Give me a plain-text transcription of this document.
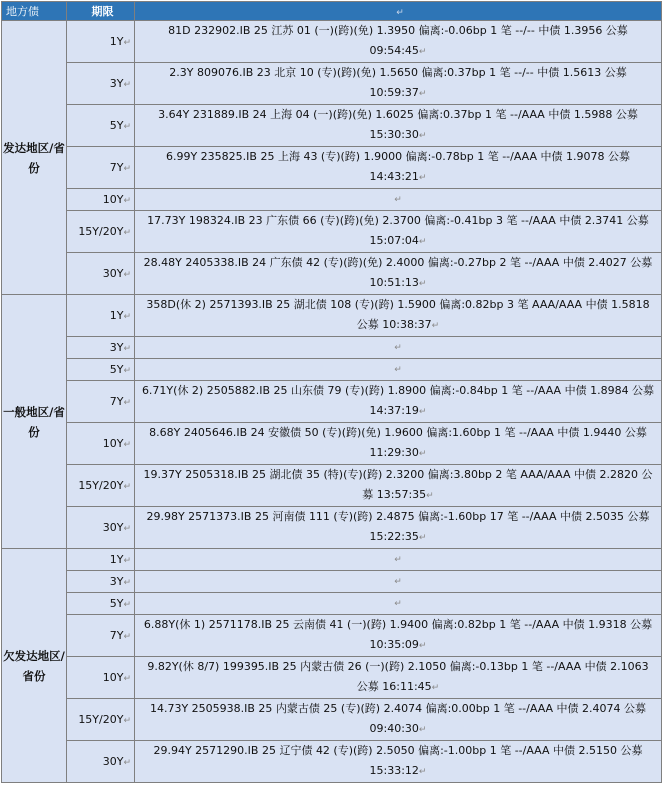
地方债	期限	↵
发达地区/省份	1Y↵	81D 232902.IB 25 江苏 01 (一)(跨)(免) 1.3950 偏离:-0.06bp 1 笔 --/-- 中债 1.3956 公募 09:54:45↵
	3Y↵	2.3Y 809076.IB 23 北京 10 (专)(跨)(免) 1.5650 偏离:0.37bp 1 笔 --/-- 中债 1.5613 公募 10:59:37↵
	5Y↵	3.64Y 231889.IB 24 上海 04 (一)(跨)(免) 1.6025 偏离:0.37bp 1 笔 --/AAA 中债 1.5988 公募 15:30:30↵
	7Y↵	6.99Y 235825.IB 25 上海 43 (专)(跨) 1.9000 偏离:-0.78bp 1 笔 --/AAA 中债 1.9078 公募 14:43:21↵
	10Y↵	↵
	15Y/20Y↵	17.73Y 198324.IB 23 广东债 66 (专)(跨)(免) 2.3700 偏离:-0.41bp 3 笔 --/AAA 中债 2.3741 公募 15:07:04↵
	30Y↵	28.48Y 2405338.IB 24 广东债 42 (专)(跨)(免) 2.4000 偏离:-0.27bp 2 笔 --/AAA 中债 2.4027 公募 10:51:13↵
一般地区/省份	1Y↵	358D(休 2) 2571393.IB 25 湖北债 108 (专)(跨) 1.5900 偏离:0.82bp 3 笔 AAA/AAA 中债 1.5818 公募 10:38:37↵
	3Y↵	↵
	5Y↵	↵
	7Y↵	6.71Y(休 2) 2505882.IB 25 山东债 79 (专)(跨) 1.8900 偏离:-0.84bp 1 笔 --/AAA 中债 1.8984 公募 14:37:19↵
	10Y↵	8.68Y 2405646.IB 24 安徽债 50 (专)(跨)(免) 1.9600 偏离:1.60bp 1 笔 --/AAA 中债 1.9440 公募 11:29:30↵
	15Y/20Y↵	19.37Y 2505318.IB 25 湖北债 35 (特)(专)(跨) 2.3200 偏离:3.80bp 2 笔 AAA/AAA 中债 2.2820 公募 13:57:35↵
	30Y↵	29.98Y 2571373.IB 25 河南债 111 (专)(跨) 2.4875 偏离:-1.60bp 17 笔 --/AAA 中债 2.5035 公募 15:22:35↵
欠发达地区/省份	1Y↵	↵
	3Y↵	↵
	5Y↵	↵
	7Y↵	6.88Y(休 1) 2571178.IB 25 云南债 41 (一)(跨) 1.9400 偏离:0.82bp 1 笔 --/AAA 中债 1.9318 公募 10:35:09↵
	10Y↵	9.82Y(休 8/7) 199395.IB 25 内蒙古债 26 (一)(跨) 2.1050 偏离:-0.13bp 1 笔 --/AAA 中债 2.1063 公募 16:11:45↵
	15Y/20Y↵	14.73Y 2505938.IB 25 内蒙古债 25 (专)(跨) 2.4074 偏离:0.00bp 1 笔 --/AAA 中债 2.4074 公募 09:40:30↵
	30Y↵	29.94Y 2571290.IB 25 辽宁债 42 (专)(跨) 2.5050 偏离:-1.00bp 1 笔 --/AAA 中债 2.5150 公募 15:33:12↵
